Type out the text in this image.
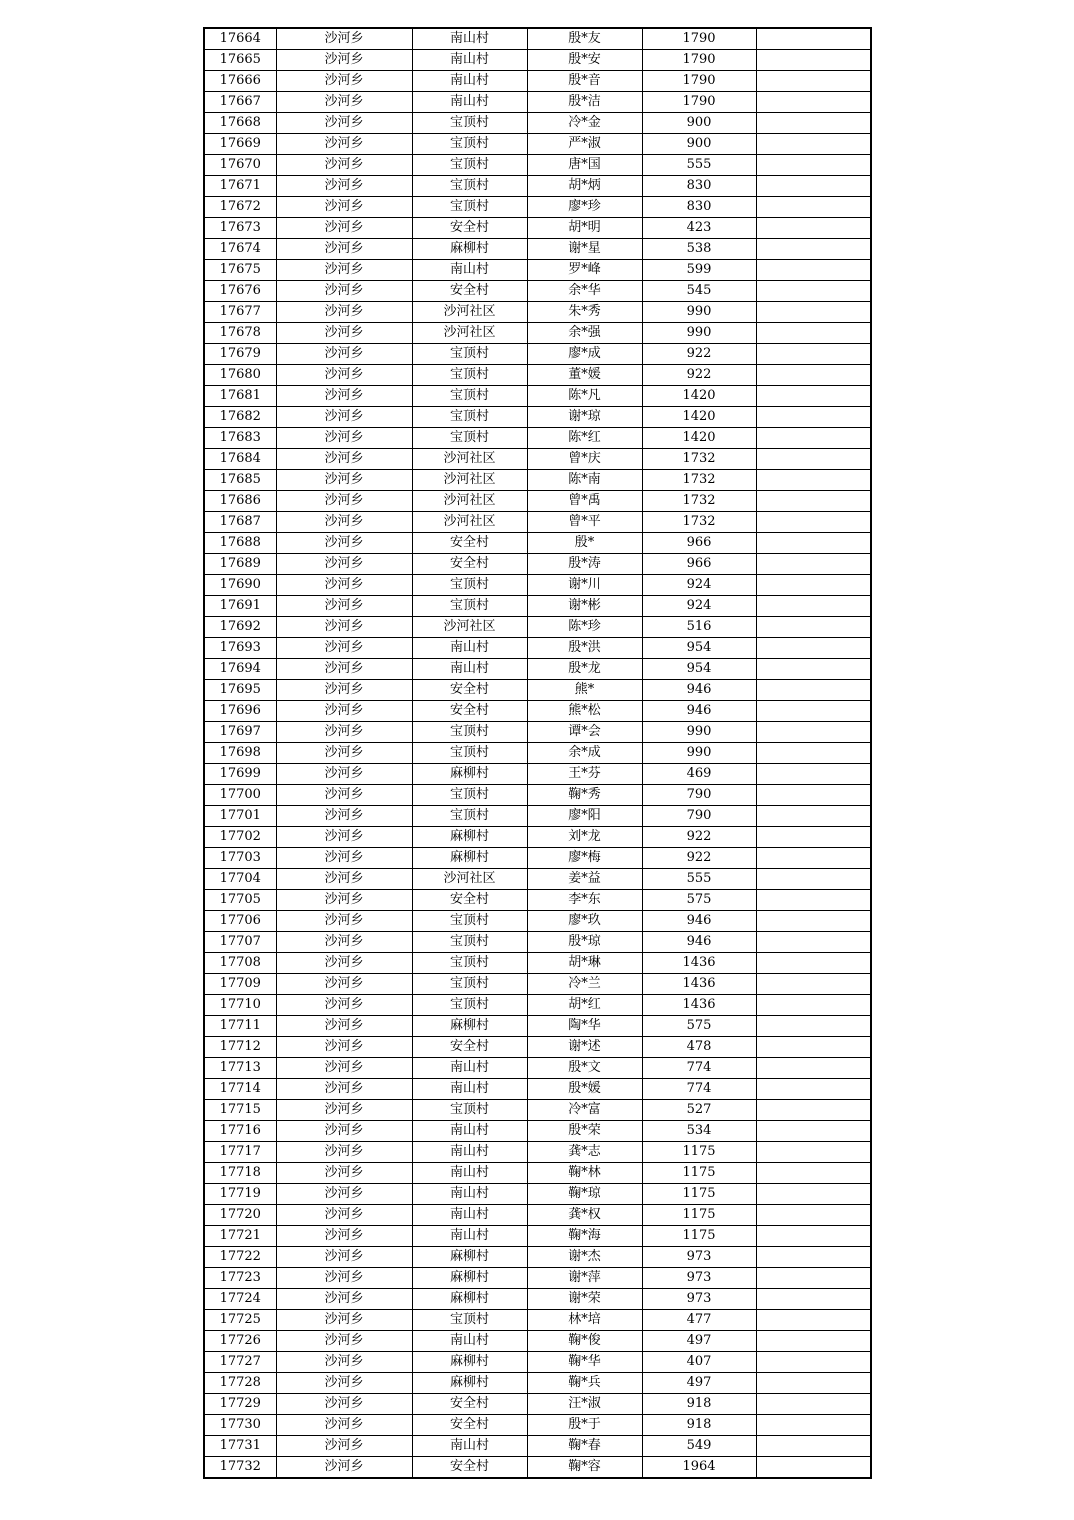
17664	沙河乡	南山村	殷*友	1790	
17665	沙河乡	南山村	殷*安	1790	
17666	沙河乡	南山村	殷*音	1790	
17667	沙河乡	南山村	殷*洁	1790	
17668	沙河乡	宝顶村	冷*金	900	
17669	沙河乡	宝顶村	严*淑	900	
17670	沙河乡	宝顶村	唐*国	555	
17671	沙河乡	宝顶村	胡*炳	830	
17672	沙河乡	宝顶村	廖*珍	830	
17673	沙河乡	安全村	胡*明	423	
17674	沙河乡	麻柳村	谢*星	538	
17675	沙河乡	南山村	罗*峰	599	
17676	沙河乡	安全村	余*华	545	
17677	沙河乡	沙河社区	朱*秀	990	
17678	沙河乡	沙河社区	余*强	990	
17679	沙河乡	宝顶村	廖*成	922	
17680	沙河乡	宝顶村	董*媛	922	
17681	沙河乡	宝顶村	陈*凡	1420	
17682	沙河乡	宝顶村	谢*琼	1420	
17683	沙河乡	宝顶村	陈*红	1420	
17684	沙河乡	沙河社区	曾*庆	1732	
17685	沙河乡	沙河社区	陈*南	1732	
17686	沙河乡	沙河社区	曾*禹	1732	
17687	沙河乡	沙河社区	曾*平	1732	
17688	沙河乡	安全村	殷*	966	
17689	沙河乡	安全村	殷*涛	966	
17690	沙河乡	宝顶村	谢*川	924	
17691	沙河乡	宝顶村	谢*彬	924	
17692	沙河乡	沙河社区	陈*珍	516	
17693	沙河乡	南山村	殷*洪	954	
17694	沙河乡	南山村	殷*龙	954	
17695	沙河乡	安全村	熊*	946	
17696	沙河乡	安全村	熊*松	946	
17697	沙河乡	宝顶村	谭*会	990	
17698	沙河乡	宝顶村	余*成	990	
17699	沙河乡	麻柳村	王*芬	469	
17700	沙河乡	宝顶村	鞠*秀	790	
17701	沙河乡	宝顶村	廖*阳	790	
17702	沙河乡	麻柳村	刘*龙	922	
17703	沙河乡	麻柳村	廖*梅	922	
17704	沙河乡	沙河社区	姜*益	555	
17705	沙河乡	安全村	李*东	575	
17706	沙河乡	宝顶村	廖*玖	946	
17707	沙河乡	宝顶村	殷*琼	946	
17708	沙河乡	宝顶村	胡*琳	1436	
17709	沙河乡	宝顶村	冷*兰	1436	
17710	沙河乡	宝顶村	胡*红	1436	
17711	沙河乡	麻柳村	陶*华	575	
17712	沙河乡	安全村	谢*述	478	
17713	沙河乡	南山村	殷*文	774	
17714	沙河乡	南山村	殷*媛	774	
17715	沙河乡	宝顶村	冷*富	527	
17716	沙河乡	南山村	殷*荣	534	
17717	沙河乡	南山村	龚*志	1175	
17718	沙河乡	南山村	鞠*林	1175	
17719	沙河乡	南山村	鞠*琼	1175	
17720	沙河乡	南山村	龚*权	1175	
17721	沙河乡	南山村	鞠*海	1175	
17722	沙河乡	麻柳村	谢*杰	973	
17723	沙河乡	麻柳村	谢*萍	973	
17724	沙河乡	麻柳村	谢*荣	973	
17725	沙河乡	宝顶村	林*培	477	
17726	沙河乡	南山村	鞠*俊	497	
17727	沙河乡	麻柳村	鞠*华	407	
17728	沙河乡	麻柳村	鞠*兵	497	
17729	沙河乡	安全村	汪*淑	918	
17730	沙河乡	安全村	殷*于	918	
17731	沙河乡	南山村	鞠*春	549	
17732	沙河乡	安全村	鞠*容	1964	
